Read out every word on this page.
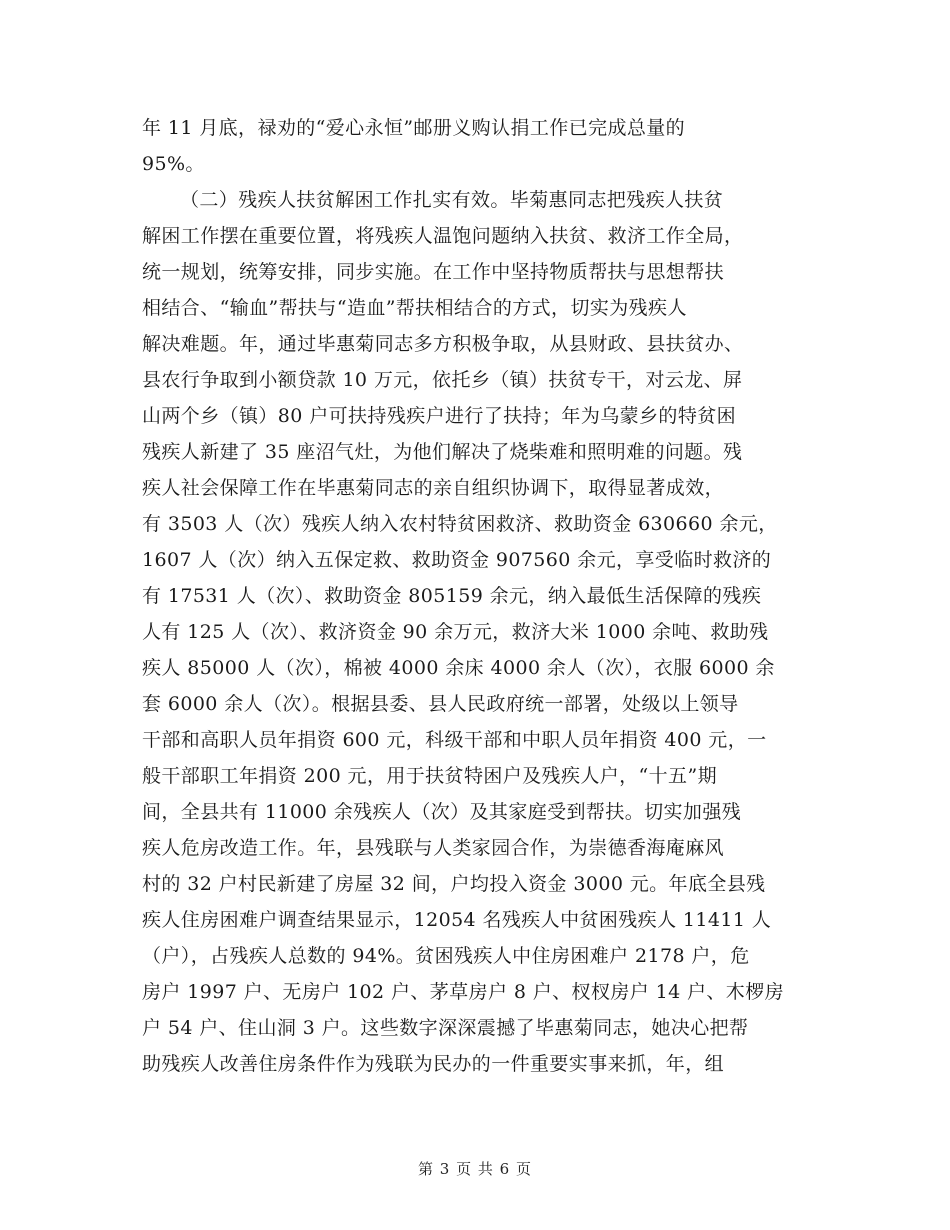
年 11 月底，禄劝的“爱心永恒”邮册义购认捐工作已完成总量的
95%。
（二）残疾人扶贫解困工作扎实有效。毕菊惠同志把残疾人扶贫
解困工作摆在重要位置，将残疾人温饱问题纳入扶贫、救济工作全局，
统一规划，统筹安排，同步实施。在工作中坚持物质帮扶与思想帮扶
相结合、“输血”帮扶与“造血”帮扶相结合的方式，切实为残疾人
解决难题。年，通过毕惠菊同志多方积极争取，从县财政、县扶贫办、
县农行争取到小额贷款 10 万元，依托乡（镇）扶贫专干，对云龙、屏
山两个乡（镇）80 户可扶持残疾户进行了扶持；年为乌蒙乡的特贫困
残疾人新建了 35 座沼气灶，为他们解决了烧柴难和照明难的问题。残
疾人社会保障工作在毕惠菊同志的亲自组织协调下，取得显著成效，
有 3503 人（次）残疾人纳入农村特贫困救济、救助资金 630660 余元，
1607 人（次）纳入五保定救、救助资金 907560 余元，享受临时救济的
有 17531 人（次）、救助资金 805159 余元，纳入最低生活保障的残疾
人有 125 人（次）、救济资金 90 余万元，救济大米 1000 余吨、救助残
疾人 85000 人（次），棉被 4000 余床 4000 余人（次），衣服 6000 余
套 6000 余人（次）。根据县委、县人民政府统一部署，处级以上领导
干部和高职人员年捐资 600 元，科级干部和中职人员年捐资 400 元，一
般干部职工年捐资 200 元，用于扶贫特困户及残疾人户，“十五”期
间，全县共有 11000 余残疾人（次）及其家庭受到帮扶。切实加强残
疾人危房改造工作。年，县残联与人类家园合作，为崇德香海庵麻风
村的 32 户村民新建了房屋 32 间，户均投入资金 3000 元。年底全县残
疾人住房困难户调查结果显示，12054 名残疾人中贫困残疾人 11411 人
（户），占残疾人总数的 94%。贫困残疾人中住房困难户 2178 户，危
房户 1997 户、无房户 102 户、茅草房户 8 户、杈杈房户 14 户、木椤房
户 54 户、住山洞 3 户。这些数字深深震撼了毕惠菊同志，她决心把帮
助残疾人改善住房条件作为残联为民办的一件重要实事来抓，年，组
第 3 页 共 6 页
